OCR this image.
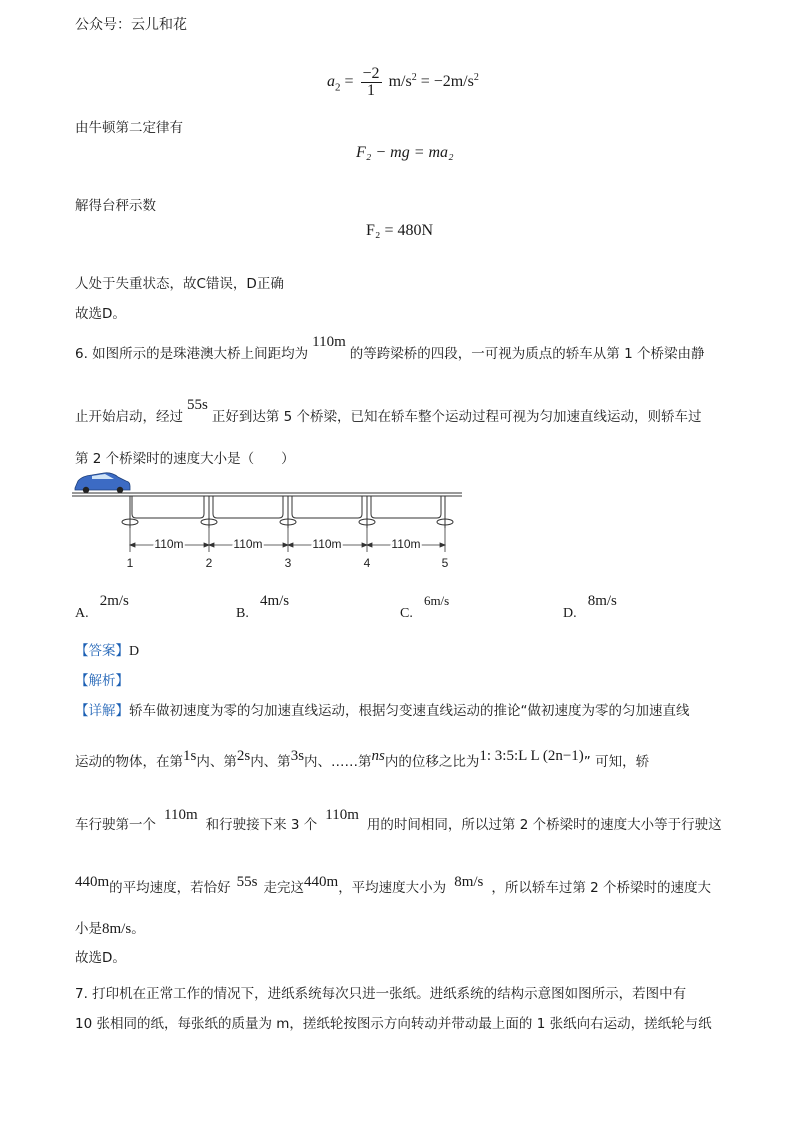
公众号：云儿和花
$a_2 = \frac{-2}{1} m/s^2 = -2m/s^2$
由牛顿第二定律有
F₂ − mg = ma₂
解得台秤示数
F₂ = 480N
人处于失重状态，故C错误，D正确
故选D。
6. 如图所示的是珠港澳大桥上间距均为110m的等跨梁桥的四段，一可视为质点的轿车从第 1 个桥梁由静
止开始启动，经过55s正好到达第 5 个桥梁，已知在轿车整个运动过程可视为匀加速直线运动，则轿车过
第 2 个桥梁时的速度大小是（　　）
110m	110m	110m	110m
1	2	3	4	5
A. 2m/s
B. 4m/s
C. 6m/s
D. 8m/s
【答案】D
【解析】
【详解】轿车做初速度为零的匀加速直线运动，根据匀变速直线运动的推论“做初速度为零的匀加速直线
运动的物体，在第1s内、第2s内、第3s内、……第ns内的位移之比为1: 3:5:L L (2n−1)” 可知，轿
车行驶第一个110m和行驶接下来 3 个110m用的时间相同，所以过第 2 个桥梁时的速度大小等于行驶这
440m的平均速度，若恰好 55s 走完这440m，平均速度大小为 8m/s ，所以轿车过第 2 个桥梁时的速度大
小是8m/s。
故选D。
7. 打印机在正常工作的情况下，进纸系统每次只进一张纸。进纸系统的结构示意图如图所示，若图中有
10 张相同的纸，每张纸的质量为 m，搓纸轮按图示方向转动并带动最上面的 1 张纸向右运动，搓纸轮与纸
